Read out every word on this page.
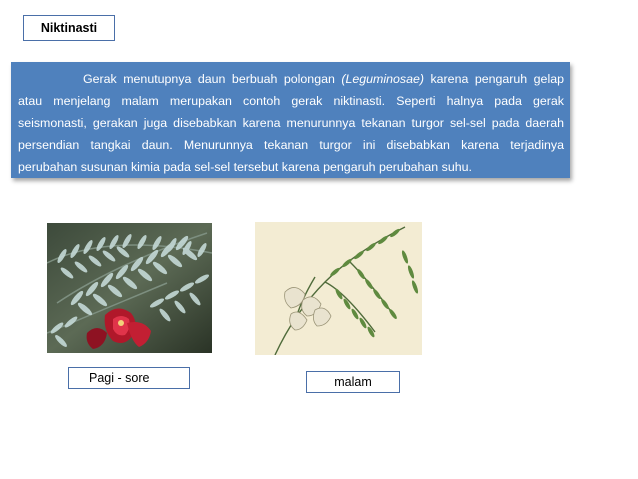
Niktinasti
Gerak menutupnya daun berbuah polongan (Leguminosae) karena pengaruh gelap
atau menjelang malam merupakan contoh gerak niktinasti. Seperti halnya pada gerak
seismonasti, gerakan juga disebabkan karena menurunnya tekanan turgor sel-sel pada daerah
persendian tangkai daun. Menurunnya tekanan turgor ini disebabkan karena terjadinya
perubahan susunan kimia pada sel-sel tersebut karena pengaruh perubahan suhu.
Pagi - sore	malam
